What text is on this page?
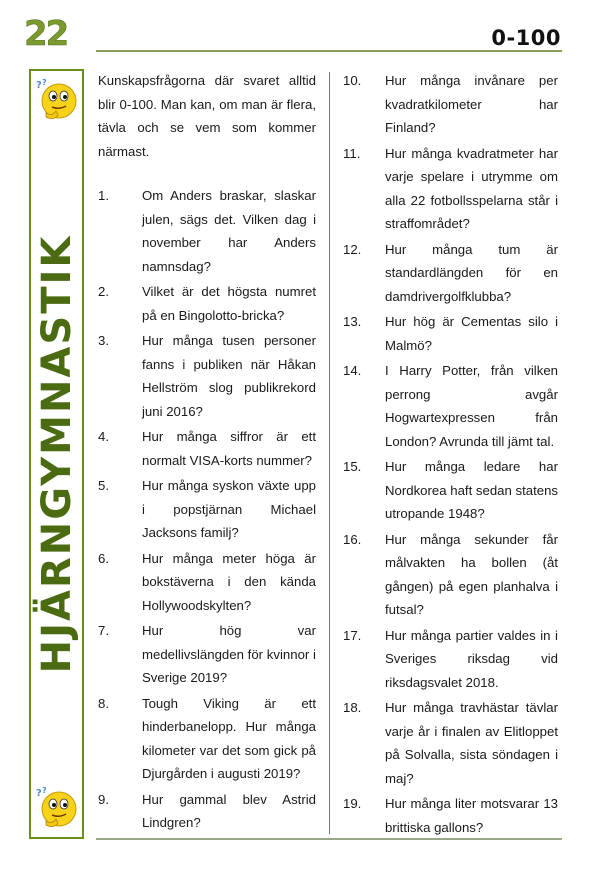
22	0-100
? ?
HJÄRNGYMNASTIK
? ?

Kunskapsfrågorna där svaret alltid blir 0-100. Man kan, om man är flera, tävla och se vem som kommer närmast.

1.	Om Anders braskar, slaskar julen, sägs det. Vilken dag i november har Anders namnsdag?
2.	Vilket är det högsta numret på en Bingolotto-bricka?
3.	Hur många tusen personer fanns i publiken när Håkan Hellström slog publikrekord juni 2016?
4.	Hur många siffror är ett normalt VISA-korts nummer?
5.	Hur många syskon växte upp i popstjärnan Michael Jacksons familj?
6.	Hur många meter höga är bokstäverna i den kända Hollywoodskylten?
7.	Hur hög var medellivslängden för kvinnor i Sverige 2019?
8.	Tough Viking är ett hinderbanelopp. Hur många kilometer var det som gick på Djurgården i augusti 2019?
9.	Hur gammal blev Astrid Lindgren?
10.	Hur många invånare per kvadratkilometer har Finland?
11.	Hur många kvadratmeter har varje spelare i utrymme om alla 22 fotbollsspelarna står i straffområdet?
12.	Hur många tum är standardlängden för en damdrivergolfklubba?
13.	Hur hög är Cementas silo i Malmö?
14.	I Harry Potter, från vilken perrong avgår Hogwartexpressen från London? Avrunda till jämt tal.
15.	Hur många ledare har Nordkorea haft sedan statens utropande 1948?
16.	Hur många sekunder får målvakten ha bollen (åt gången) på egen planhalva i futsal?
17.	Hur många partier valdes in i Sveriges riksdag vid riksdagsvalet 2018.
18.	Hur många travhästar tävlar varje år i finalen av Elitloppet på Solvalla, sista söndagen i maj?
19.	Hur många liter motsvarar 13 brittiska gallons?
